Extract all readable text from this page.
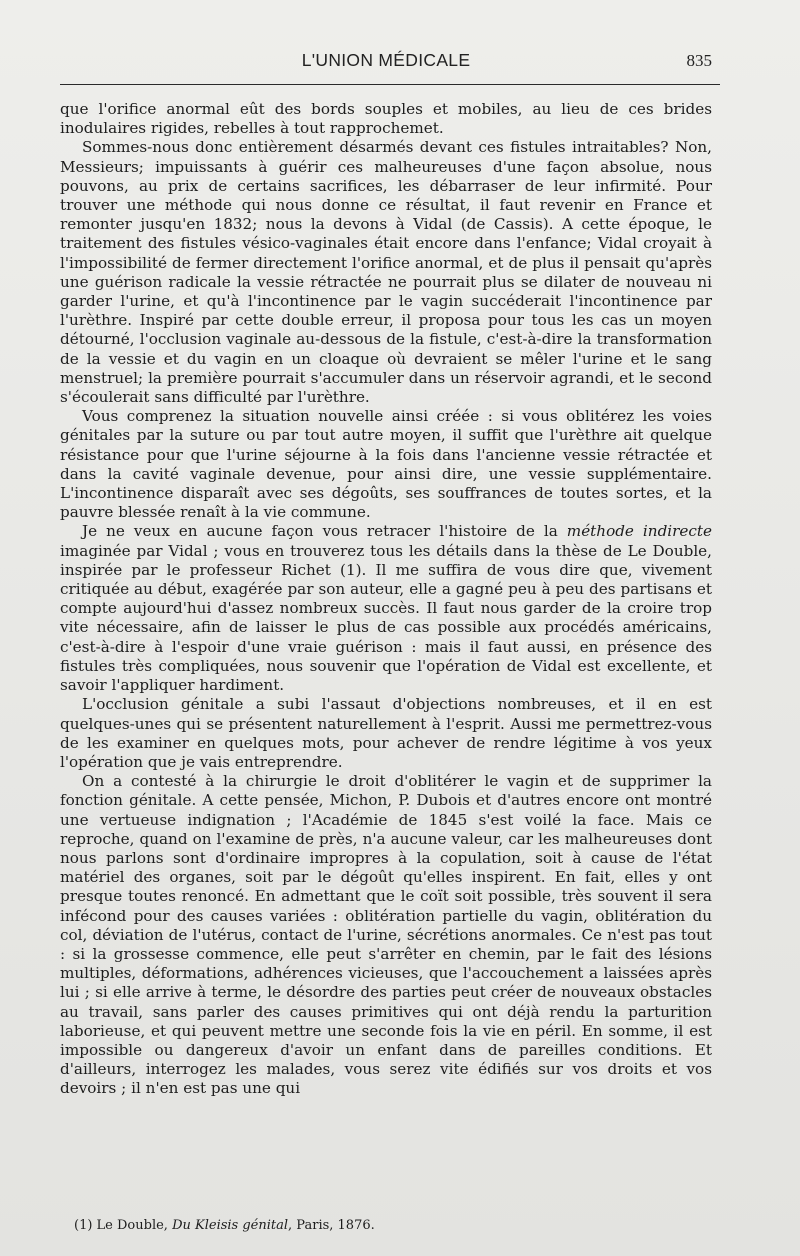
L'UNION MÉDICALE	835

que l'orifice anormal eût des bords souples et mobiles, au lieu de ces brides inodulaires rigides, rebelles à tout rapprochemet.

Sommes-nous donc entièrement désarmés devant ces fistules intraitables? Non, Messieurs; impuissants à guérir ces malheureuses d'une façon absolue, nous pouvons, au prix de certains sacrifices, les débarraser de leur infirmité. Pour trouver une méthode qui nous donne ce résultat, il faut revenir en France et remonter jusqu'en 1832; nous la devons à Vidal (de Cassis). A cette époque, le traitement des fistules vésico-vaginales était encore dans l'enfance; Vidal croyait à l'impossibilité de fermer directement l'orifice anormal, et de plus il pensait qu'après une guérison radicale la vessie rétractée ne pourrait plus se dilater de nouveau ni garder l'urine, et qu'à l'incontinence par le vagin succéderait l'incontinence par l'urèthre. Inspiré par cette double erreur, il proposa pour tous les cas un moyen détourné, l'occlusion vaginale au-dessous de la fistule, c'est-à-dire la transformation de la vessie et du vagin en un cloaque où devraient se mêler l'urine et le sang menstruel; la première pourrait s'accumuler dans un réservoir agrandi, et le second s'écoulerait sans difficulté par l'urèthre.

Vous comprenez la situation nouvelle ainsi créée : si vous oblitérez les voies génitales par la suture ou par tout autre moyen, il suffit que l'urèthre ait quelque résistance pour que l'urine séjourne à la fois dans l'ancienne vessie rétractée et dans la cavité vaginale devenue, pour ainsi dire, une vessie supplémentaire. L'incontinence disparaît avec ses dégoûts, ses souffrances de toutes sortes, et la pauvre blessée renaît à la vie commune.

Je ne veux en aucune façon vous retracer l'histoire de la méthode indirecte imaginée par Vidal ; vous en trouverez tous les détails dans la thèse de Le Double, inspirée par le professeur Richet (1). Il me suffira de vous dire que, vivement critiquée au début, exagérée par son auteur, elle a gagné peu à peu des partisans et compte aujourd'hui d'assez nombreux succès. Il faut nous garder de la croire trop vite nécessaire, afin de laisser le plus de cas possible aux procédés américains, c'est-à-dire à l'espoir d'une vraie guérison : mais il faut aussi, en présence des fistules très compliquées, nous souvenir que l'opération de Vidal est excellente, et savoir l'appliquer hardiment.

L'occlusion génitale a subi l'assaut d'objections nombreuses, et il en est quelques-unes qui se présentent naturellement à l'esprit. Aussi me permettrez-vous de les examiner en quelques mots, pour achever de rendre légitime à vos yeux l'opération que je vais entreprendre.

On a contesté à la chirurgie le droit d'oblitérer le vagin et de supprimer la fonction génitale. A cette pensée, Michon, P. Dubois et d'autres encore ont montré une vertueuse indignation ; l'Académie de 1845 s'est voilé la face. Mais ce reproche, quand on l'examine de près, n'a aucune valeur, car les malheureuses dont nous parlons sont d'ordinaire impropres à la copulation, soit à cause de l'état matériel des organes, soit par le dégoût qu'elles inspirent. En fait, elles y ont presque toutes renoncé. En admettant que le coït soit possible, très souvent il sera infécond pour des causes variées : oblitération partielle du vagin, oblitération du col, déviation de l'utérus, contact de l'urine, sécrétions anormales. Ce n'est pas tout : si la grossesse commence, elle peut s'arrêter en chemin, par le fait des lésions multiples, déformations, adhérences vicieuses, que l'accouchement a laissées après lui ; si elle arrive à terme, le désordre des parties peut créer de nouveaux obstacles au travail, sans parler des causes primitives qui ont déjà rendu la parturition laborieuse, et qui peuvent mettre une seconde fois la vie en péril. En somme, il est impossible ou dangereux d'avoir un enfant dans de pareilles conditions. Et d'ailleurs, interrogez les malades, vous serez vite édifiés sur vos droits et vos devoirs ; il n'en est pas une qui

(1) Le Double, Du Kleisis génital, Paris, 1876.
